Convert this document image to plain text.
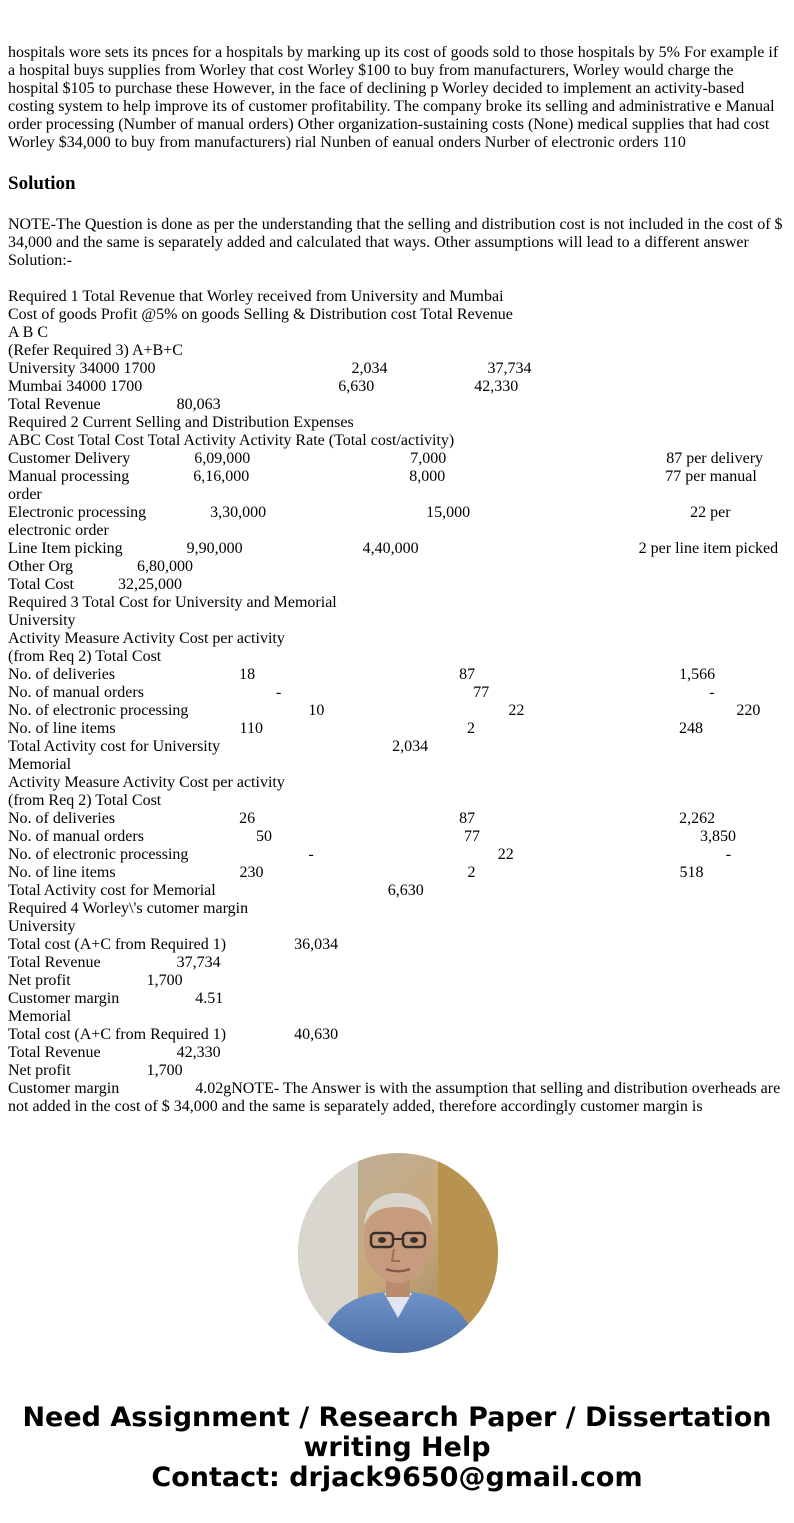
hospitals wore sets its pnces for a hospitals by marking up its cost of goods sold to those hospitals by 5% For example if a hospital buys supplies from Worley that cost Worley $100 to buy from manufacturers, Worley would charge the hospital $105 to purchase these However, in the face of declining p Worley decided to implement an activity-based costing system to help improve its of customer profitability. The company broke its selling and administrative e Manual order processing (Number of manual orders) Other organization-sustaining costs (None) medical supplies that had cost Worley $34,000 to buy from manufacturers) rial Nunben of eanual onders Nurber of electronic orders 110

Solution

NOTE-The Question is done as per the understanding that the selling and distribution cost is not included in the cost of $ 34,000 and the same is separately added and calculated that ways. Other assumptions will lead to a different answer

Solution:-

Required 1 Total Revenue that Worley received from University and Mumbai
Cost of goods Profit @5% on goods Selling & Distribution cost Total Revenue
A B C
(Refer Required 3) A+B+C
University 34000 1700                                                 2,034                         37,734
Mumbai 34000 1700                                                 6,630                         42,330
Total Revenue                   80,063
Required 2 Current Selling and Distribution Expenses
ABC Cost Total Cost Total Activity Activity Rate (Total cost/activity)
Customer Delivery                6,09,000                                        7,000                                                       87 per delivery
Manual processing                6,16,000                                        8,000                                                       77 per manual order
Electronic processing                3,30,000                                        15,000                                                       22 per electronic order
Line Item picking                9,90,000                              4,40,000                                                       2 per line item picked
Other Org                6,80,000
Total Cost           32,25,000
Required 3 Total Cost for University and Memorial
University
Activity Measure Activity Cost per activity
(from Req 2) Total Cost
No. of deliveries                               18                                                   87                                                   1,566
No. of manual orders                                 -                                                77                                                       -
No. of electronic processing                              10                                              22                                                     220
No. of line items                               110                                                   2                                                   248
Total Activity cost for University                                           2,034
Memorial
Activity Measure Activity Cost per activity
(from Req 2) Total Cost
No. of deliveries                               26                                                   87                                                   2,262
No. of manual orders                            50                                                77                                                       3,850
No. of electronic processing                              -                                              22                                                     -
No. of line items                               230                                                   2                                                   518
Total Activity cost for Memorial                                           6,630
Required 4 Worley\'s cutomer margin
University
Total cost (A+C from Required 1)                 36,034
Total Revenue                   37,734
Net profit                   1,700
Customer margin                   4.51
Memorial
Total cost (A+C from Required 1)                 40,630
Total Revenue                   42,330
Net profit                   1,700
Customer margin                   4.02gNOTE- The Answer is with the assumption that selling and distribution overheads are not added in the cost of $ 34,000 and the same is separately added, therefore accordingly customer margin is
Need Assignment / Research Paper / Dissertation
writing Help
Contact: drjack9650@gmail.com
